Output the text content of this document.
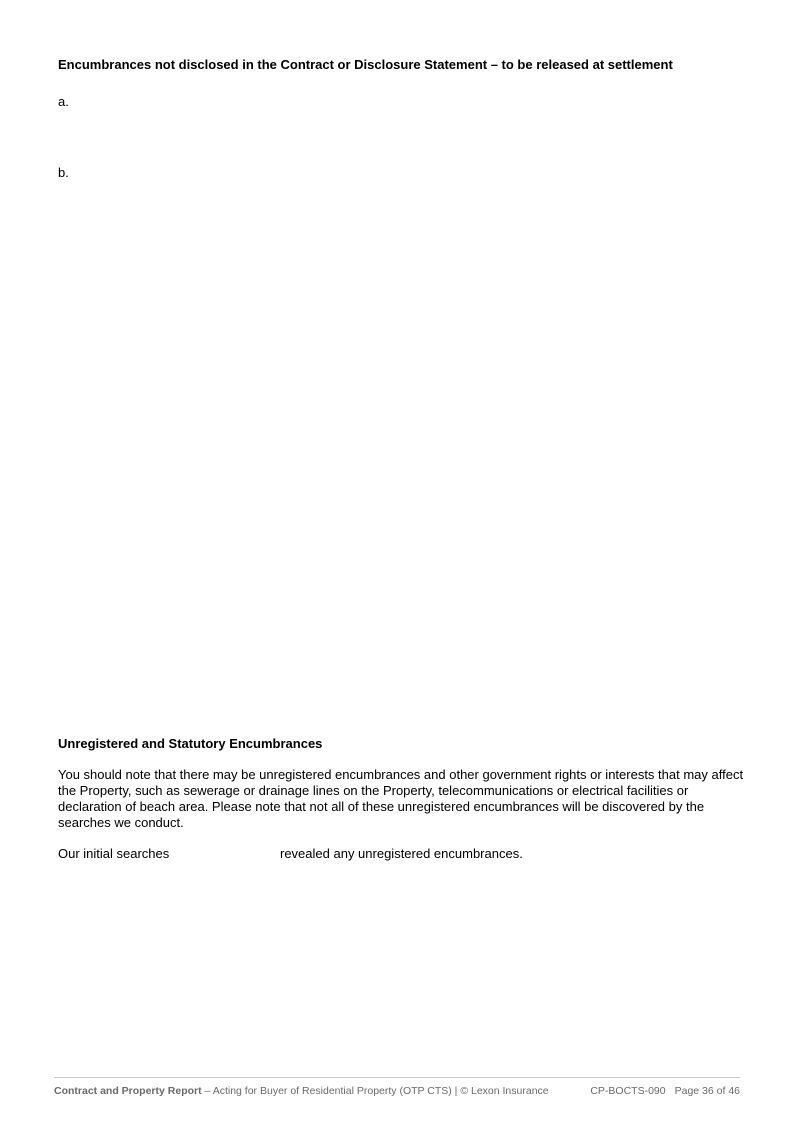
Encumbrances not disclosed in the Contract or Disclosure Statement – to be released at settlement
a.
b.
Unregistered and Statutory Encumbrances
You should note that there may be unregistered encumbrances and other government rights or interests that may affect the Property, such as sewerage or drainage lines on the Property, telecommunications or electrical facilities or declaration of beach area. Please note that not all of these unregistered encumbrances will be discovered by the searches we conduct.
Our initial searches	revealed any unregistered encumbrances.
Contract and Property Report – Acting for Buyer of Residential Property (OTP CTS) | © Lexon Insurance	CP-BOCTS-090 Page 36 of 46
